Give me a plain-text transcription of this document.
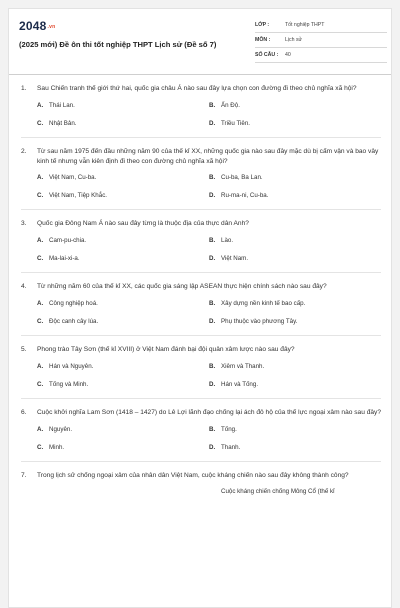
$2048^{.vn}$
(2025 mới) Đề ôn thi tốt nghiệp THPT Lịch sử (Đề số 7)
LỚP :	Tốt nghiệp THPT
MÔN :	Lịch sử
SỐ CÂU :	40
1.	Sau Chiến tranh thế giới thứ hai, quốc gia châu Á nào sau đây lựa chọn con đường đi theo chủ nghĩa xã hội?
A. Thái Lan.	B. Ấn Độ.
C. Nhật Bản.	D. Triều Tiên.
2.	Từ sau năm 1975 đến đầu những năm 90 của thế kỉ XX, những quốc gia nào sau đây mặc dù bị cấm vận và bao vây kinh tế nhưng vẫn kiên định đi theo con đường chủ nghĩa xã hội?
A. Việt Nam, Cu-ba.	B. Cu-ba, Ba Lan.
C. Việt Nam, Tiệp Khắc.	D. Ru-ma-ni, Cu-ba.
3.	Quốc gia Đông Nam Á nào sau đây từng là thuộc địa của thực dân Anh?
A. Cam-pu-chia.	B. Lào.
C. Ma-lai-xi-a.	D. Việt Nam.
4.	Từ những năm 60 của thế kỉ XX, các quốc gia sáng lập ASEAN thực hiện chính sách nào sau đây?
A. Công nghiệp hoá.	B. Xây dựng nền kinh tế bao cấp.
C. Độc canh cây lúa.	D. Phụ thuộc vào phương Tây.
5.	Phong trào Tây Sơn (thế kỉ XVIII) ở Việt Nam đánh bại đội quân xâm lược nào sau đây?
A. Hán và Nguyên.	B. Xiêm và Thanh.
C. Tống và Minh.	D. Hán và Tống.
6.	Cuộc khởi nghĩa Lam Sơn (1418 – 1427) do Lê Lợi lãnh đạo chống lại ách đô hộ của thế lực ngoại xâm nào sau đây?
A. Nguyên.	B. Tống.
C. Minh.	D. Thanh.
7.	Trong lịch sử chống ngoại xâm của nhân dân Việt Nam, cuộc kháng chiến nào sau đây không thành công?
Cuộc kháng chiến chống Mông Cổ (thế kỉ
